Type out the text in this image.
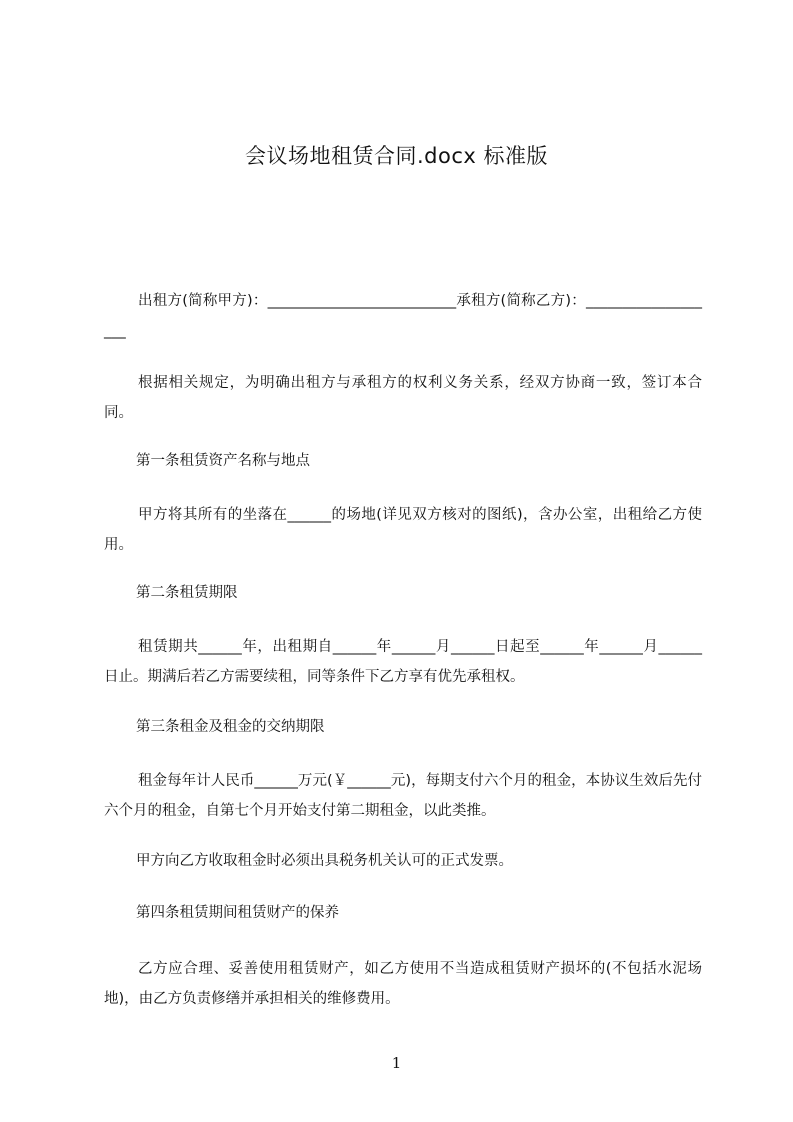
会议场地租赁合同.docx 标准版
出租方(简称甲方)：__________________________承租方(简称乙方)：___________________
根据相关规定，为明确出租方与承租方的权利义务关系，经双方协商一致，签订本合同。
第一条租赁资产名称与地点
甲方将其所有的坐落在______的场地(详见双方核对的图纸)，含办公室，出租给乙方使用。
第二条租赁期限
租赁期共______年，出租期自______年______月______日起至______年______月______日止。期满后若乙方需要续租，同等条件下乙方享有优先承租权。
第三条租金及租金的交纳期限
租金每年计人民币______万元(￥______元)，每期支付六个月的租金，本协议生效后先付六个月的租金，自第七个月开始支付第二期租金，以此类推。
甲方向乙方收取租金时必须出具税务机关认可的正式发票。
第四条租赁期间租赁财产的保养
乙方应合理、妥善使用租赁财产，如乙方使用不当造成租赁财产损坏的(不包括水泥场地)，由乙方负责修缮并承担相关的维修费用。
1
